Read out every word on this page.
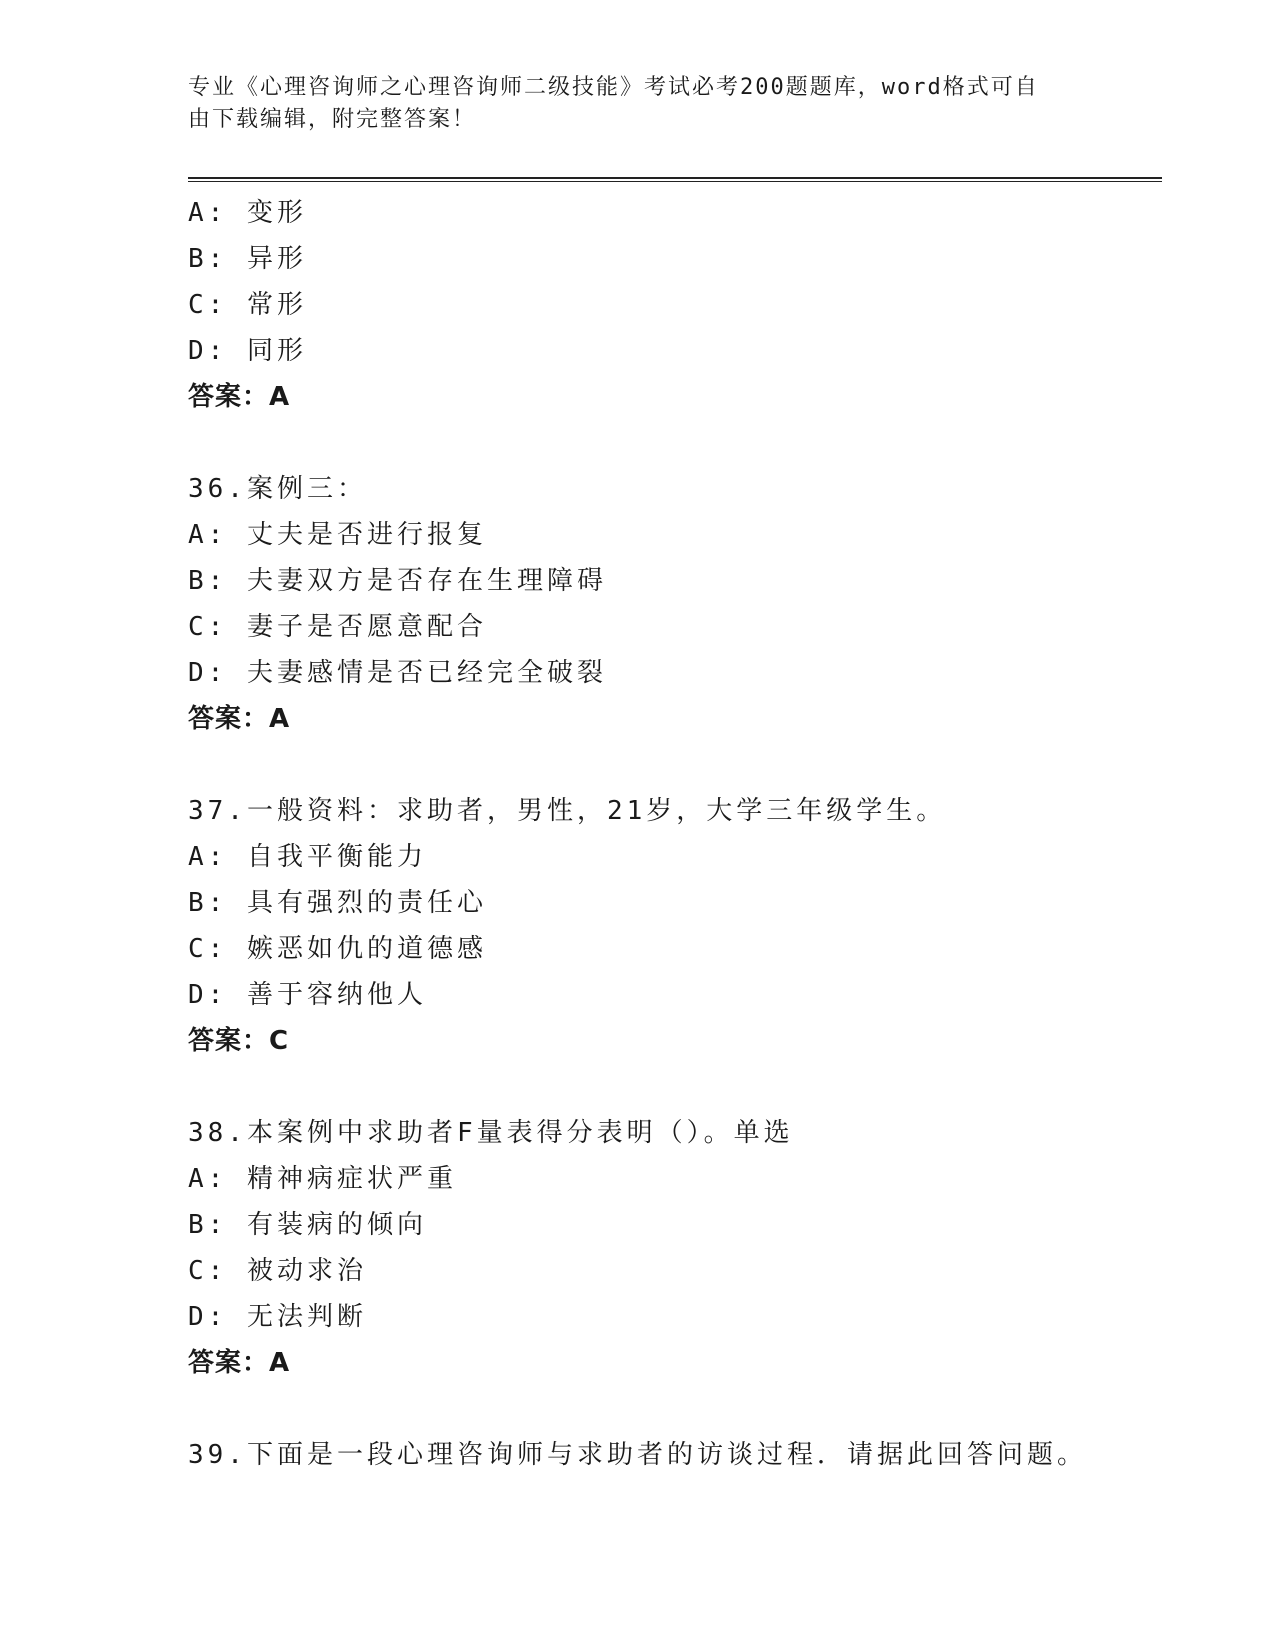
专业《心理咨询师之心理咨询师二级技能》考试必考200题题库，word格式可自
由下载编辑，附完整答案！
A: 变形
B: 异形
C: 常形
D: 同形
答案：A
36.案例三：
A: 丈夫是否进行报复
B: 夫妻双方是否存在生理障碍
C: 妻子是否愿意配合
D: 夫妻感情是否已经完全破裂
答案：A
37.一般资料：求助者，男性，21岁，大学三年级学生。
A: 自我平衡能力
B: 具有强烈的责任心
C: 嫉恶如仇的道德感
D: 善于容纳他人
答案：C
38.本案例中求助者F量表得分表明（）。单选
A: 精神病症状严重
B: 有装病的倾向
C: 被动求治
D: 无法判断
答案：A
39.下面是一段心理咨询师与求助者的访谈过程．请据此回答问题。
